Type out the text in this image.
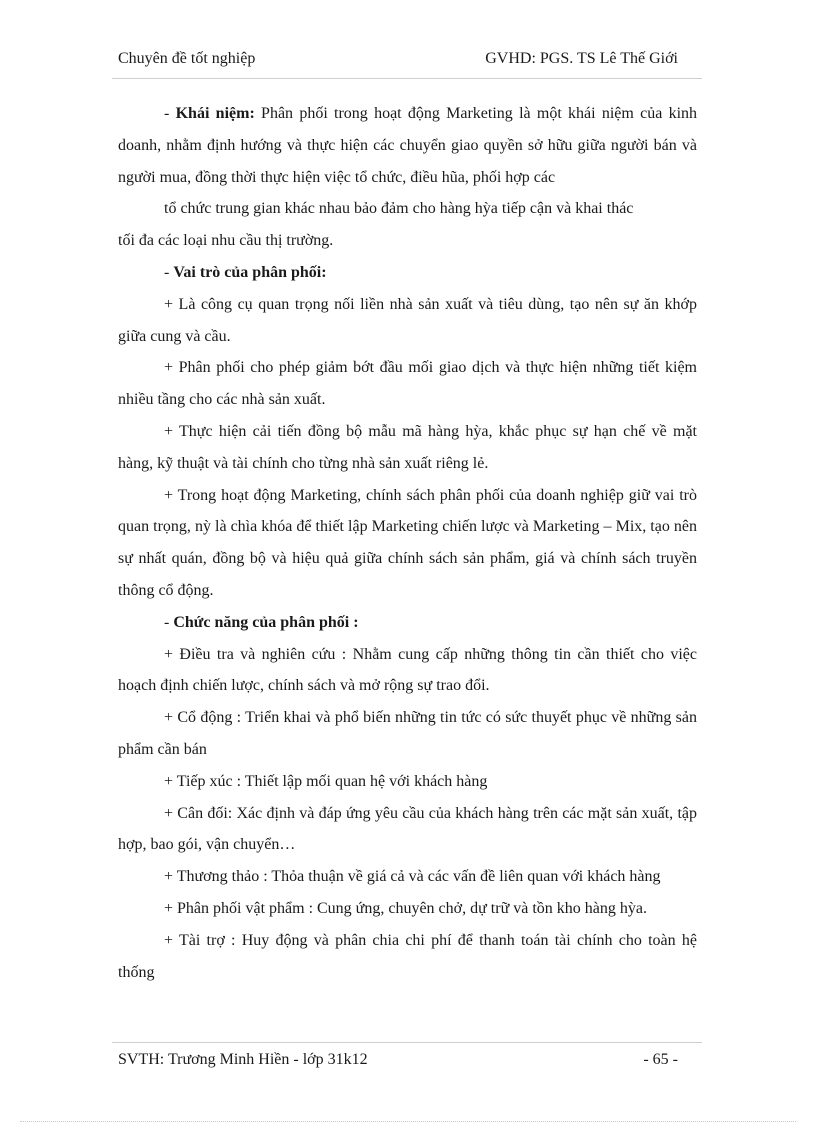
Chuyên đề tốt nghiệp	GVHD: PGS. TS Lê Thế Giới

- Khái niệm: Phân phối trong hoạt động Marketing là một khái niệm của kinh doanh, nhằm định hướng và thực hiện các chuyển giao quyền sở hữu giữa người bán và người mua, đồng thời thực hiện việc tổ chức, điều hũa, phối hợp các

tổ chức trung gian khác nhau bảo đảm cho hàng hỳa tiếp cận và khai thác

tối đa các loại nhu cầu thị trường.

- Vai trò của phân phối:

+ Là công cụ quan trọng nối liền nhà sản xuất và tiêu dùng, tạo nên sự ăn khớp giữa cung và cầu.

+ Phân phối cho phép giảm bớt đầu mối giao dịch và thực hiện những tiết kiệm nhiều tầng cho các nhà sản xuất.

+ Thực hiện cải tiến đồng bộ mẫu mã hàng hỳa, khắc phục sự hạn chế về mặt hàng, kỹ thuật và tài chính cho từng nhà sản xuất riêng lẻ.

+ Trong hoạt động Marketing, chính sách phân phối của doanh nghiệp giữ vai trò quan trọng, nỳ là chìa khóa để thiết lập Marketing chiến lược và Marketing – Mix, tạo nên sự nhất quán, đồng bộ và hiệu quả giữa chính sách sản phẩm, giá và chính sách truyền thông cổ động.

- Chức năng của phân phối :

+ Điều tra và nghiên cứu : Nhằm cung cấp những thông tin cần thiết cho việc hoạch định chiến lược, chính sách và mở rộng sự trao đổi.

+ Cổ động : Triển khai và phổ biến những tin tức có sức thuyết phục về những sản phẩm cần bán

+ Tiếp xúc : Thiết lập mối quan hệ với khách hàng

+ Cân đối: Xác định và đáp ứng yêu cầu của khách hàng trên các mặt sản xuất, tập hợp, bao gói, vận chuyển…

+ Thương thảo : Thỏa thuận về giá cả và các vấn đề liên quan với khách hàng

+ Phân phối vật phẩm : Cung ứng, chuyên chở, dự trữ và tồn kho hàng hỳa.

+ Tài trợ : Huy động và phân chia chi phí để thanh toán tài chính cho toàn hệ thống

SVTH: Trương Minh Hiền - lớp 31k12	- 65 -
